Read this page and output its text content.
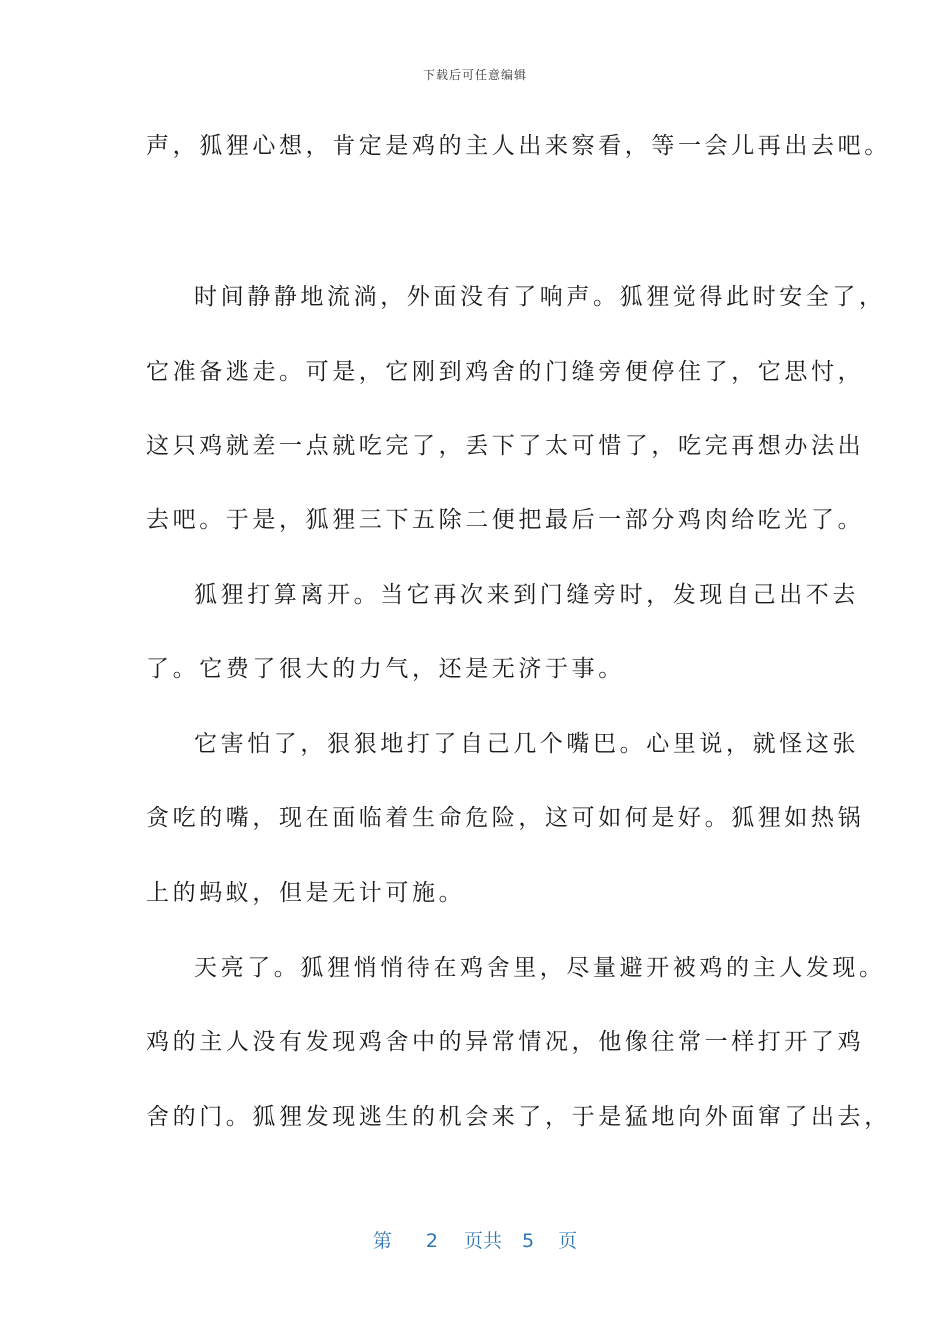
下载后可任意编辑
声，狐狸心想，肯定是鸡的主人出来察看，等一会儿再出去吧。
时间静静地流淌，外面没有了响声。狐狸觉得此时安全了，
它准备逃走。可是，它刚到鸡舍的门缝旁便停住了，它思忖，
这只鸡就差一点就吃完了，丢下了太可惜了，吃完再想办法出
去吧。于是，狐狸三下五除二便把最后一部分鸡肉给吃光了。
狐狸打算离开。当它再次来到门缝旁时，发现自己出不去
了。它费了很大的力气，还是无济于事。
它害怕了，狠狠地打了自己几个嘴巴。心里说，就怪这张
贪吃的嘴，现在面临着生命危险，这可如何是好。狐狸如热锅
上的蚂蚁，但是无计可施。
天亮了。狐狸悄悄待在鸡舍里，尽量避开被鸡的主人发现。
鸡的主人没有发现鸡舍中的异常情况，他像往常一样打开了鸡
舍的门。狐狸发现逃生的机会来了，于是猛地向外面窜了出去，
第 2 页共 5 页
